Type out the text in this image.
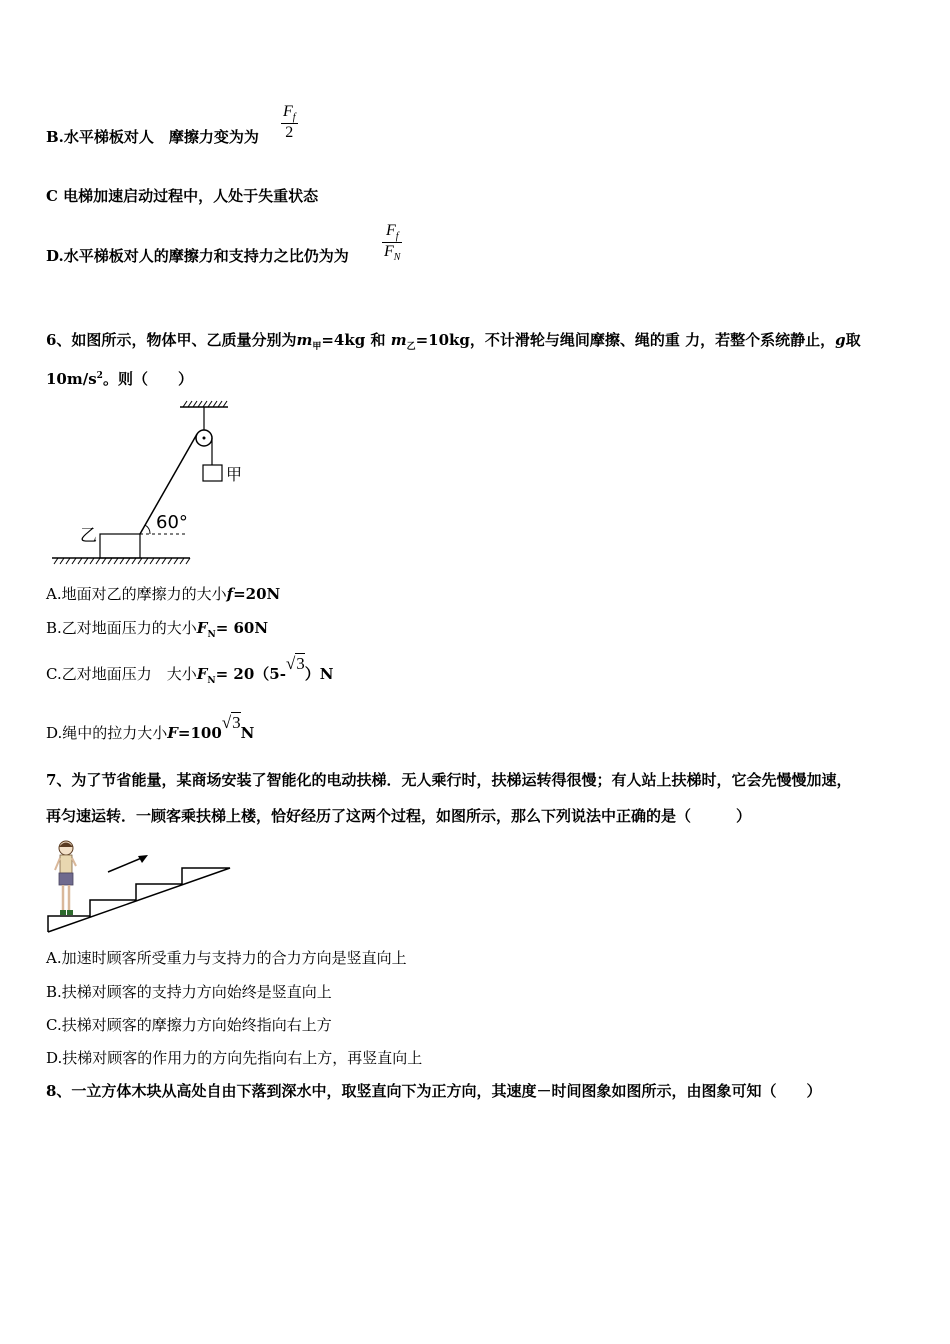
B.水平梯板对人　摩擦力变为为 $\frac{F_f}{2}$
C 电梯加速启动过程中，人处于失重状态
D.水平梯板对人的摩擦力和支持力之比仍为为 $\frac{F_f}{F_N}$
6、如图所示，物体甲、乙质量分别为$m_甲=4kg$ 和 $m_乙=10kg$，不计滑轮与绳间摩擦、绳的重 力，若整个系统静止，g取
$10m/s^2$。则（　　）
甲
乙
60°
A.地面对乙的摩擦力的大小f=20N
B.乙对地面压力的大小$F_N= 60N$
C.乙对地面压力　大小$F_N= 20(5-√3)N$
D.绳中的拉力大小F=100√3N
7、为了节省能量，某商场安装了智能化的电动扶梯．无人乘行时，扶梯运转得很慢；有人站上扶梯时，它会先慢慢加速，
再匀速运转．一顾客乘扶梯上楼，恰好经历了这两个过程，如图所示，那么下列说法中正确的是（　　　）
A.加速时顾客所受重力与支持力的合力方向是竖直向上
B.扶梯对顾客的支持力方向始终是竖直向上
C.扶梯对顾客的摩擦力方向始终指向右上方
D.扶梯对顾客的作用力的方向先指向右上方，再竖直向上
8、一立方体木块从高处自由下落到深水中，取竖直向下为正方向，其速度－时间图象如图所示，由图象可知（　　）
